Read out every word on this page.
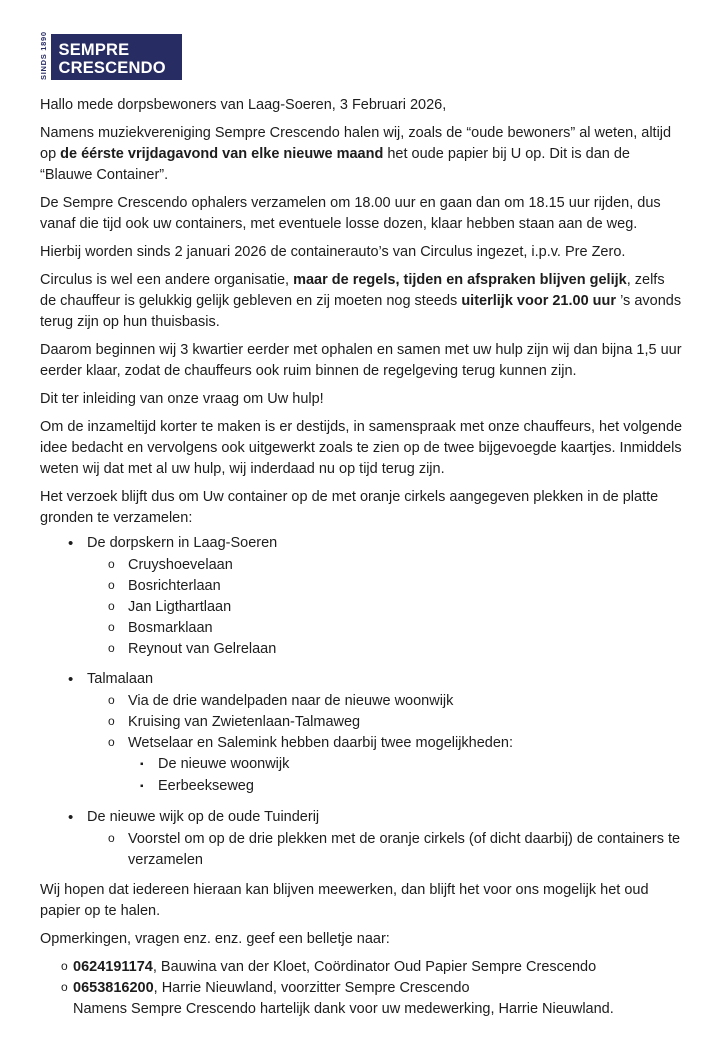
SINDS 1890 SEMPRE
CRESCENDO

Hallo mede dorpsbewoners van Laag-Soeren, 3 Februari 2026,

Namens muziekvereniging Sempre Crescendo halen wij, zoals de “oude bewoners” al weten, altijd op de éérste vrijdagavond van elke nieuwe maand het oude papier bij U op. Dit is dan de “Blauwe Container”.

De Sempre Crescendo ophalers verzamelen om 18.00 uur en gaan dan om 18.15 uur rijden, dus vanaf die tijd ook uw containers, met eventuele losse dozen, klaar hebben staan aan de weg.

Hierbij worden sinds 2 januari 2026 de containerauto’s van Circulus ingezet, i.p.v. Pre Zero.

Circulus is wel een andere organisatie, maar de regels, tijden en afspraken blijven gelijk, zelfs de chauffeur is gelukkig gelijk gebleven en zij moeten nog steeds uiterlijk voor 21.00 uur ’s avonds terug zijn op hun thuisbasis.

Daarom beginnen wij 3 kwartier eerder met ophalen en samen met uw hulp zijn wij dan bijna 1,5 uur eerder klaar, zodat de chauffeurs ook ruim binnen de regelgeving terug kunnen zijn.

Dit ter inleiding van onze vraag om Uw hulp!

Om de inzameltijd korter te maken is er destijds, in samenspraak met onze chauffeurs, het volgende idee bedacht en vervolgens ook uitgewerkt zoals te zien op de twee bijgevoegde kaartjes. Inmiddels weten wij dat met al uw hulp, wij inderdaad nu op tijd terug zijn.

Het verzoek blijft dus om Uw container op de met oranje cirkels aangegeven plekken in de platte gronden te verzamelen:

•
De dorpskern in Laag-Soeren
o
Cruyshoevelaan
o
Bosrichterlaan
o
Jan Ligthartlaan
o
Bosmarklaan
o
Reynout van Gelrelaan
•
Talmalaan
o
Via de drie wandelpaden naar de nieuwe woonwijk
o
Kruising van Zwietenlaan-Talmaweg
o
Wetselaar en Salemink hebben daarbij twee mogelijkheden:
▪
De nieuwe woonwijk
▪
Eerbeekseweg
•
De nieuwe wijk op de oude Tuinderij
o
Voorstel om op de drie plekken met de oranje cirkels (of dicht daarbij) de containers te verzamelen

Wij hopen dat iedereen hieraan kan blijven meewerken, dan blijft het voor ons mogelijk het oud papier op te halen.

Opmerkingen, vragen enz. enz. geef een belletje naar:

o
0624191174, Bauwina van der Kloet, Coördinator Oud Papier Sempre Crescendo
o
0653816200, Harrie Nieuwland, voorzitter Sempre Crescendo
Namens Sempre Crescendo hartelijk dank voor uw medewerking, Harrie Nieuwland.
